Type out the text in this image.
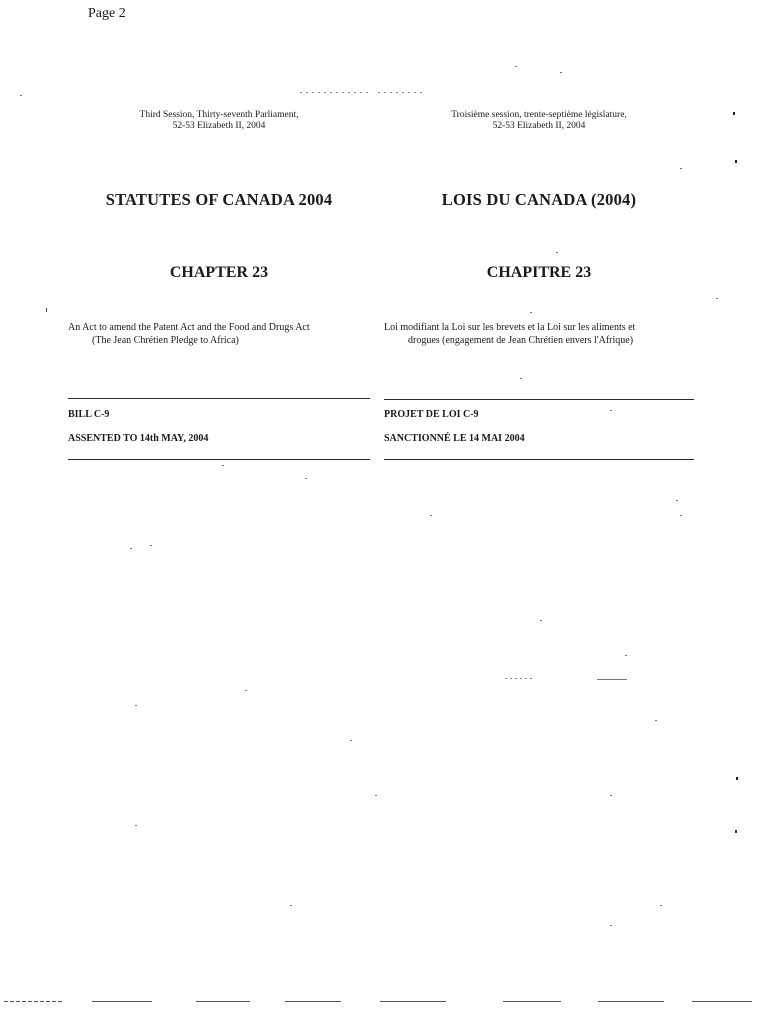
Page 2
Third Session, Thirty-seventh Parliament,
52-53 Elizabeth II, 2004
Troisième session, trente-septième législature,
52-53 Elizabeth II, 2004
STATUTES OF CANADA 2004	LOIS DU CANADA (2004)
CHAPTER 23	CHAPITRE 23
An Act to amend the Patent Act and the Food and Drugs Act
(The Jean Chrétien Pledge to Africa)
Loi modifiant la Loi sur les brevets et la Loi sur les aliments et
drogues (engagement de Jean Chrétien envers l'Afrique)
BILL C-9	PROJET DE LOI C-9
ASSENTED TO 14th MAY, 2004	SANCTIONNÉ LE 14 MAI 2004
